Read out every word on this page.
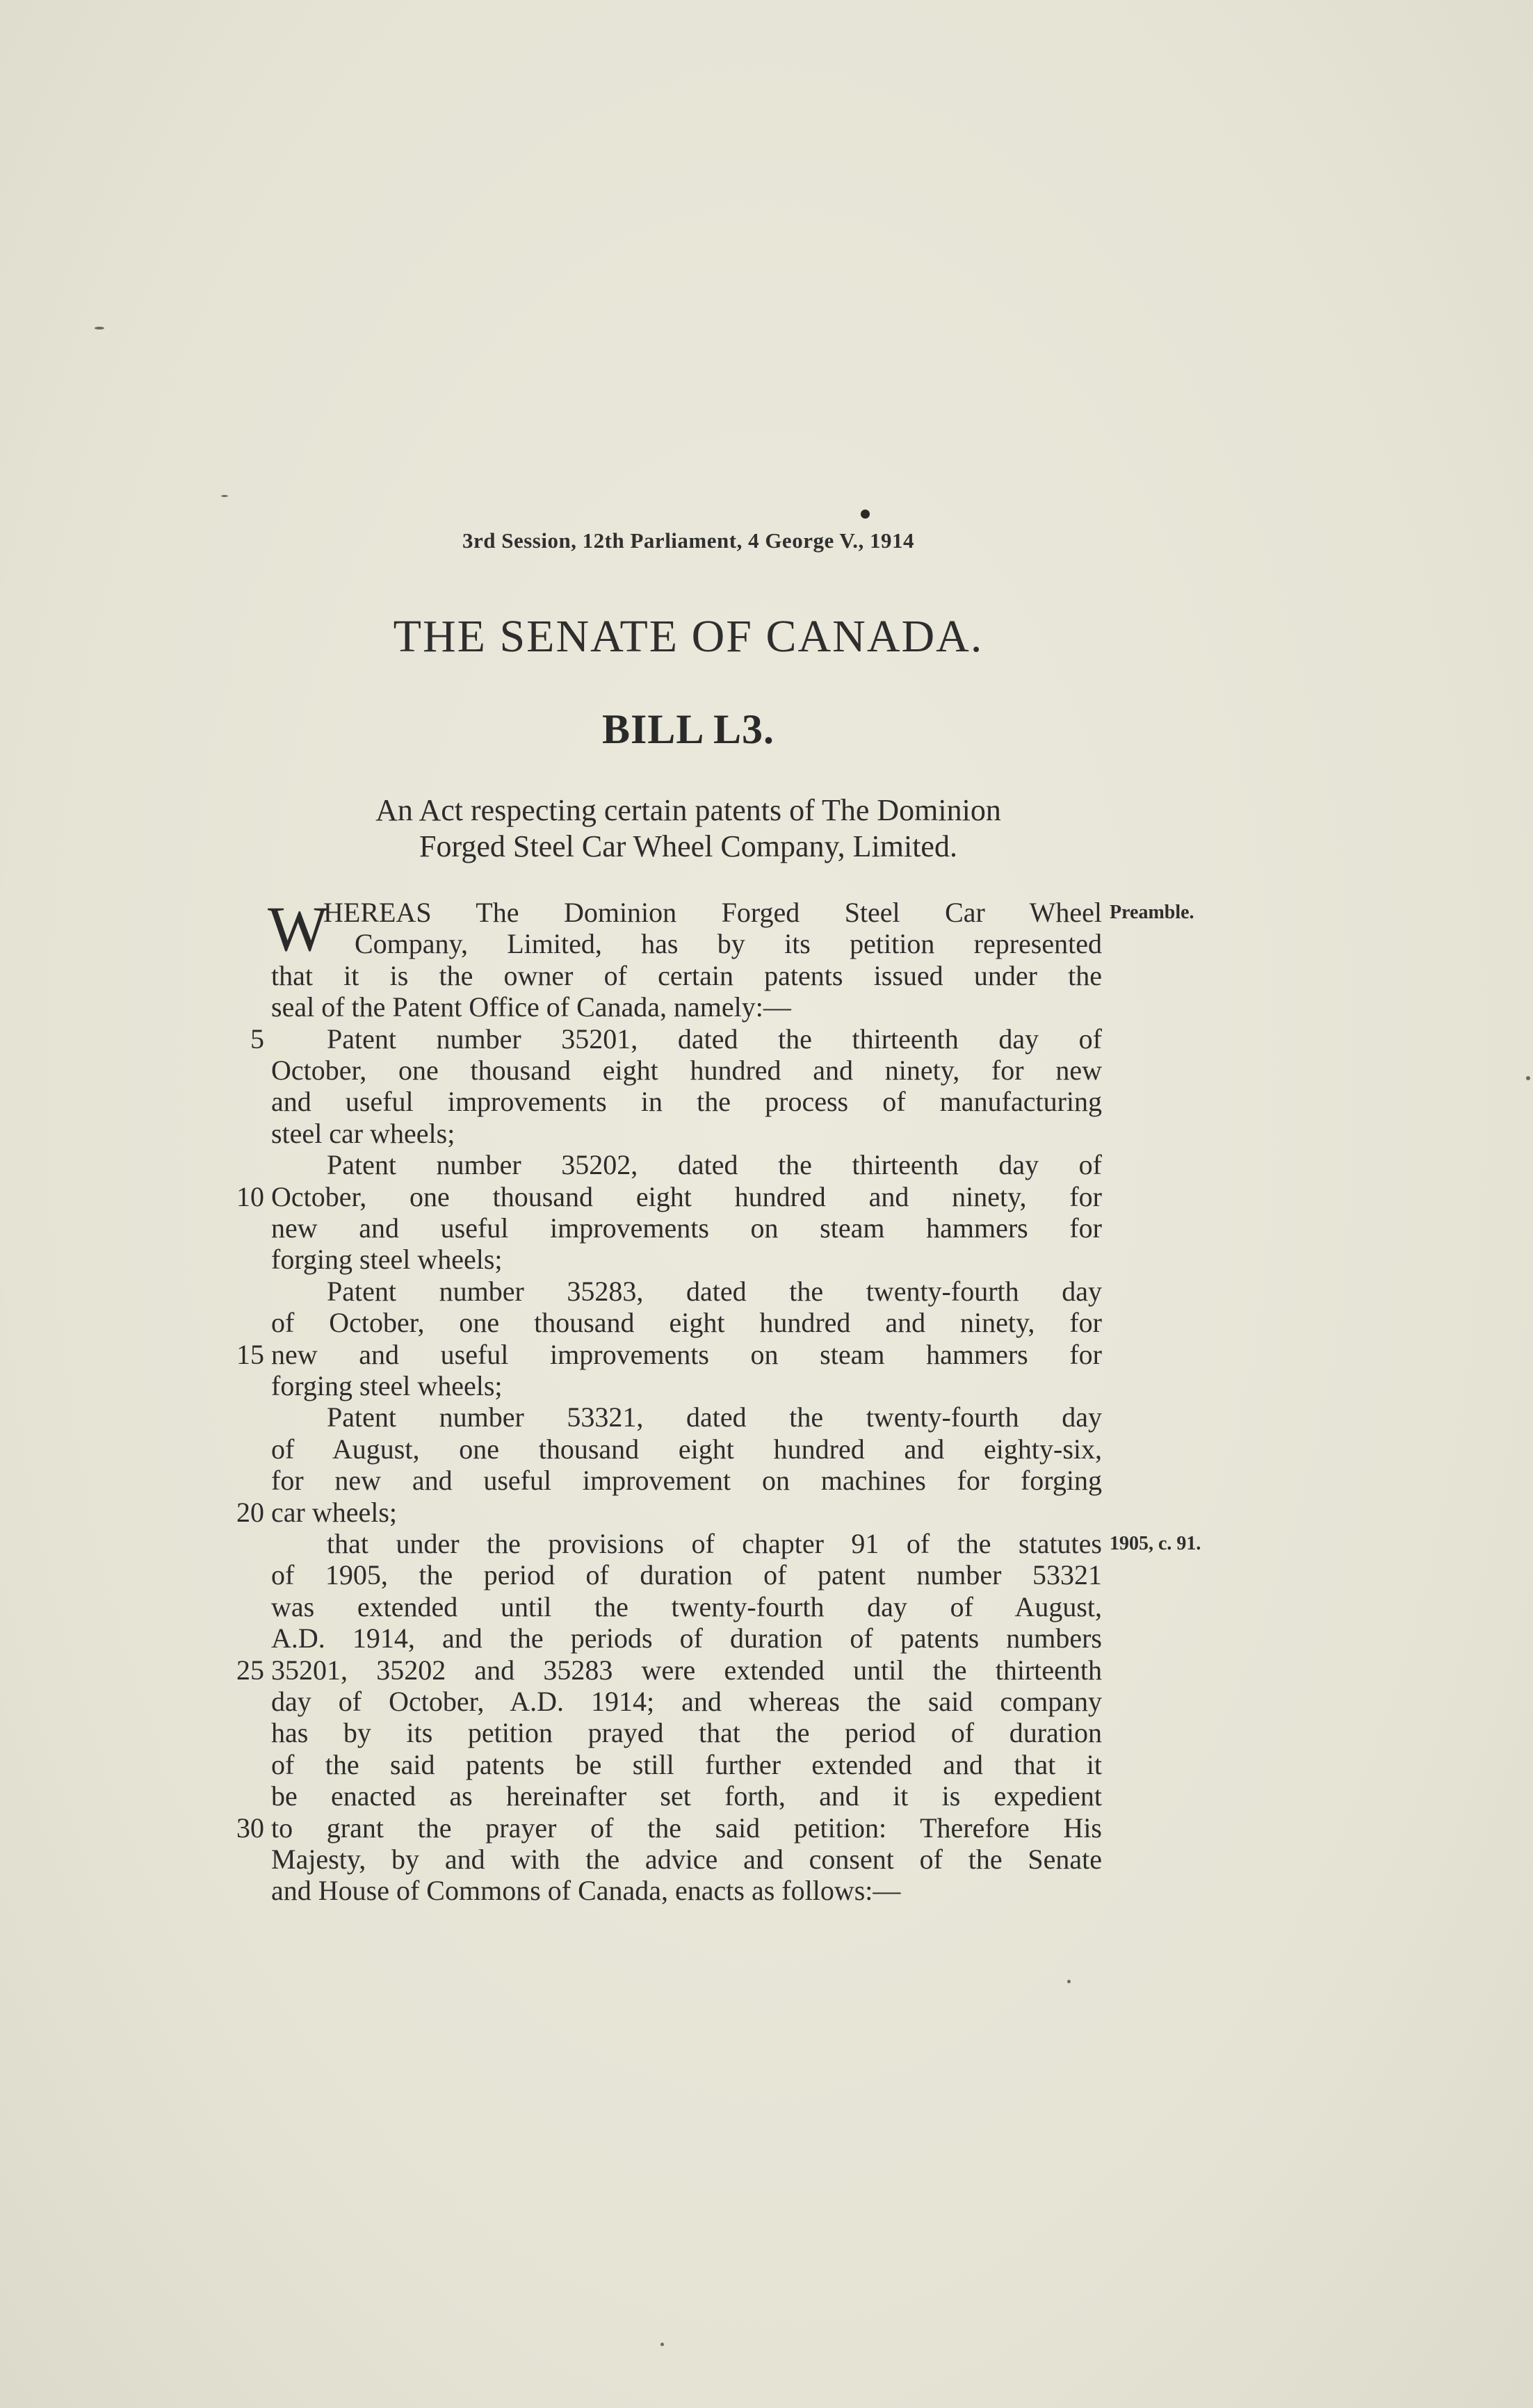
3rd Session, 12th Parliament, 4 George V., 1914
THE SENATE OF CANADA.
BILL L3.
An Act respecting certain patents of The Dominion
Forged Steel Car Wheel Company, Limited.
W
HEREAS The Dominion Forged Steel Car Wheel
Company, Limited, has by its petition represented
that it is the owner of certain patents issued under the
seal of the Patent Office of Canada, namely:—
Patent number 35201, dated the thirteenth day of
October, one thousand eight hundred and ninety, for new
and useful improvements in the process of manufacturing
steel car wheels;
Patent number 35202, dated the thirteenth day of
October, one thousand eight hundred and ninety, for
new and useful improvements on steam hammers for
forging steel wheels;
Patent number 35283, dated the twenty-fourth day
of October, one thousand eight hundred and ninety, for
new and useful improvements on steam hammers for
forging steel wheels;
Patent number 53321, dated the twenty-fourth day
of August, one thousand eight hundred and eighty-six,
for new and useful improvement on machines for forging
car wheels;
that under the provisions of chapter 91 of the statutes
of 1905, the period of duration of patent number 53321
was extended until the twenty-fourth day of August,
A.D. 1914, and the periods of duration of patents numbers
35201, 35202 and 35283 were extended until the thirteenth
day of October, A.D. 1914; and whereas the said company
has by its petition prayed that the period of duration
of the said patents be still further extended and that it
be enacted as hereinafter set forth, and it is expedient
to grant the prayer of the said petition: Therefore His
Majesty, by and with the advice and consent of the Senate
and House of Commons of Canada, enacts as follows:—
5
10
15
20
25
30
Preamble.
1905, c. 91.
